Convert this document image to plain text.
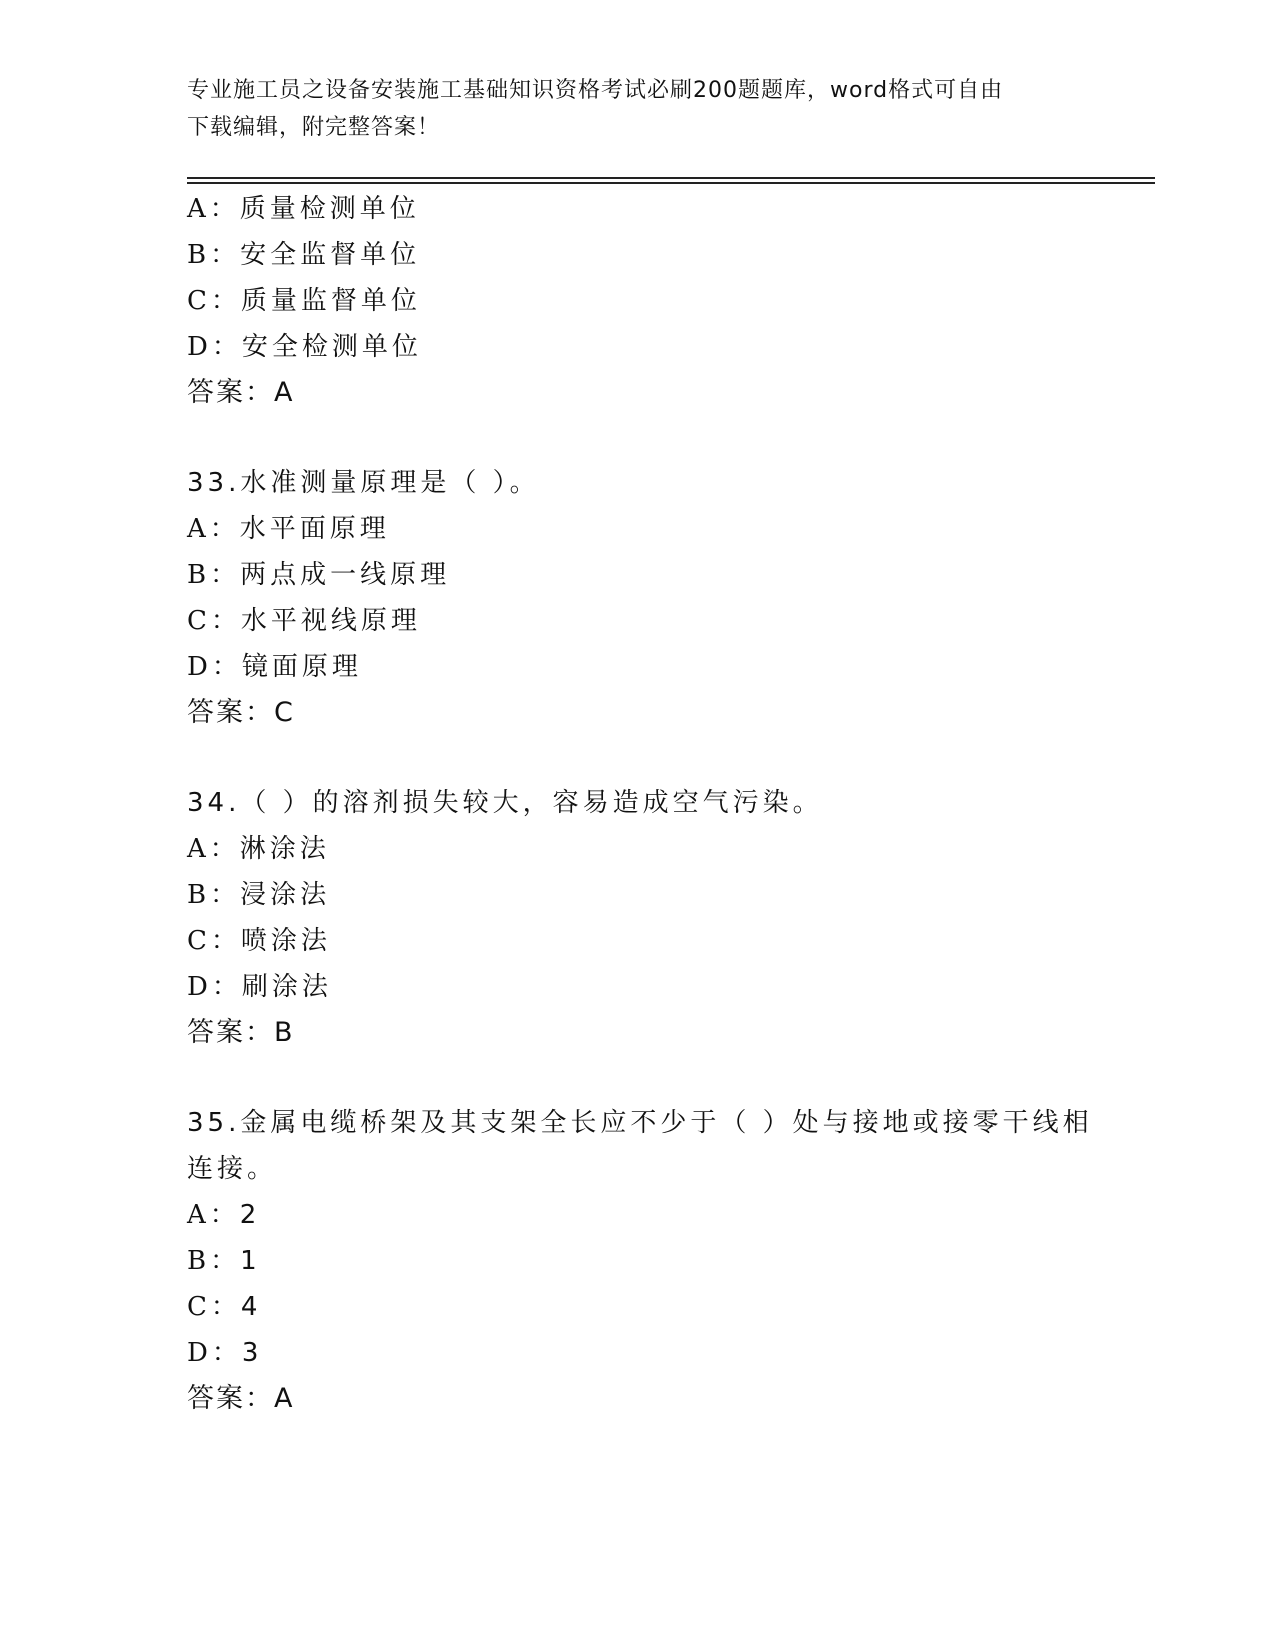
专业施工员之设备安装施工基础知识资格考试必刷200题题库，word格式可自由
下载编辑，附完整答案！
A：质量检测单位
B：安全监督单位
C：质量监督单位
D：安全检测单位
答案：A
33.水准测量原理是（ ）。
A：水平面原理
B：两点成一线原理
C：水平视线原理
D：镜面原理
答案：C
34.（ ）的溶剂损失较大，容易造成空气污染。
A：淋涂法
B：浸涂法
C：喷涂法
D：刷涂法
答案：B
35.金属电缆桥架及其支架全长应不少于（ ）处与接地或接零干线相
连接。
A：2
B：1
C：4
D：3
答案：A
